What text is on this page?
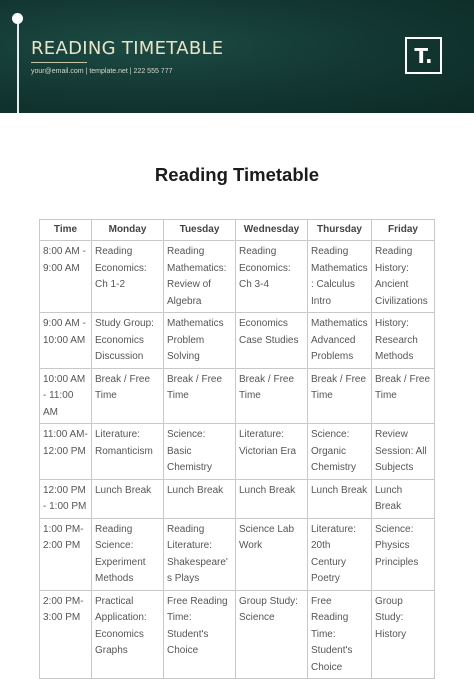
READING TIMETABLE
your@email.com | template.net | 222 555 777
T.
Reading Timetable
Time	Monday	Tuesday	Wednesday	Thursday	Friday
8:00 AM - 9:00 AM	Reading Economics: Ch 1-2	Reading Mathematics: Review of Algebra	Reading Economics: Ch 3-4	Reading Mathematics: Calculus Intro	Reading History: Ancient Civilizations
9:00 AM - 10:00 AM	Study Group: Economics Discussion	Mathematics Problem Solving	Economics Case Studies	Mathematics Advanced Problems	History: Research Methods
10:00 AM - 11:00 AM	Break / Free Time	Break / Free Time	Break / Free Time	Break / Free Time	Break / Free Time
11:00 AM- 12:00 PM	Literature: Romanticism	Science: Basic Chemistry	Literature: Victorian Era	Science: Organic Chemistry	Review Session: All Subjects
12:00 PM - 1:00 PM	Lunch Break	Lunch Break	Lunch Break	Lunch Break	Lunch Break
1:00 PM- 2:00 PM	Reading Science: Experiment Methods	Reading Literature: Shakespeare's Plays	Science Lab Work	Literature: 20th Century Poetry	Science: Physics Principles
2:00 PM- 3:00 PM	Practical Application: Economics Graphs	Free Reading Time: Student's Choice	Group Study: Science	Free Reading Time: Student's Choice	Group Study: History
